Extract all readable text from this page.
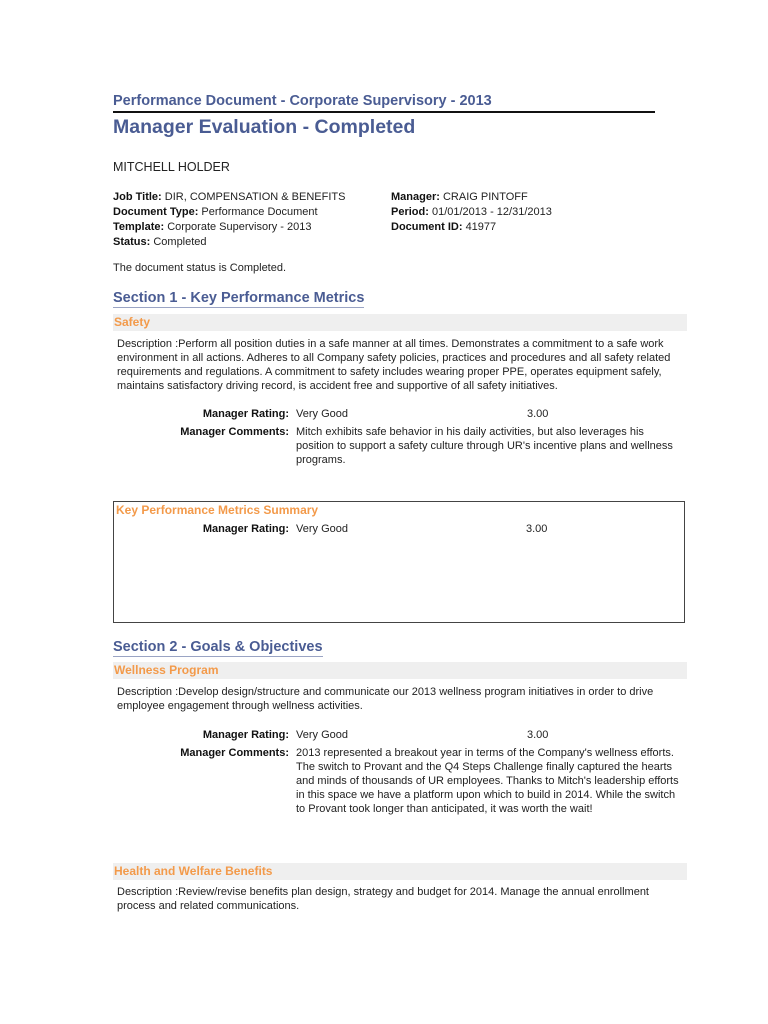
Performance Document - Corporate Supervisory - 2013
Manager Evaluation - Completed
MITCHELL HOLDER
Job Title: DIR, COMPENSATION & BENEFITS
Document Type: Performance Document
Template: Corporate Supervisory - 2013
Status: Completed
Manager: CRAIG PINTOFF
Period: 01/01/2013 - 12/31/2013
Document ID: 41977
The document status is Completed.
Section 1 - Key Performance Metrics
Safety
Description :Perform all position duties in a safe manner at all times. Demonstrates a commitment to a safe work environment in all actions. Adheres to all Company safety policies, practices and procedures and all safety related requirements and regulations. A commitment to safety includes wearing proper PPE, operates equipment safely, maintains satisfactory driving record, is accident free and supportive of all safety initiatives.
Manager Rating: Very Good	3.00
Manager Comments: Mitch exhibits safe behavior in his daily activities, but also leverages his position to support a safety culture through UR's incentive plans and wellness programs.
Key Performance Metrics Summary
Manager Rating: Very Good	3.00
Section 2 - Goals & Objectives
Wellness Program
Description :Develop design/structure and communicate our 2013 wellness program initiatives in order to drive employee engagement through wellness activities.
Manager Rating: Very Good	3.00
Manager Comments: 2013 represented a breakout year in terms of the Company's wellness efforts. The switch to Provant and the Q4 Steps Challenge finally captured the hearts and minds of thousands of UR employees. Thanks to Mitch's leadership efforts in this space we have a platform upon which to build in 2014. While the switch to Provant took longer than anticipated, it was worth the wait!
Health and Welfare Benefits
Description :Review/revise benefits plan design, strategy and budget for 2014. Manage the annual enrollment process and related communications.
